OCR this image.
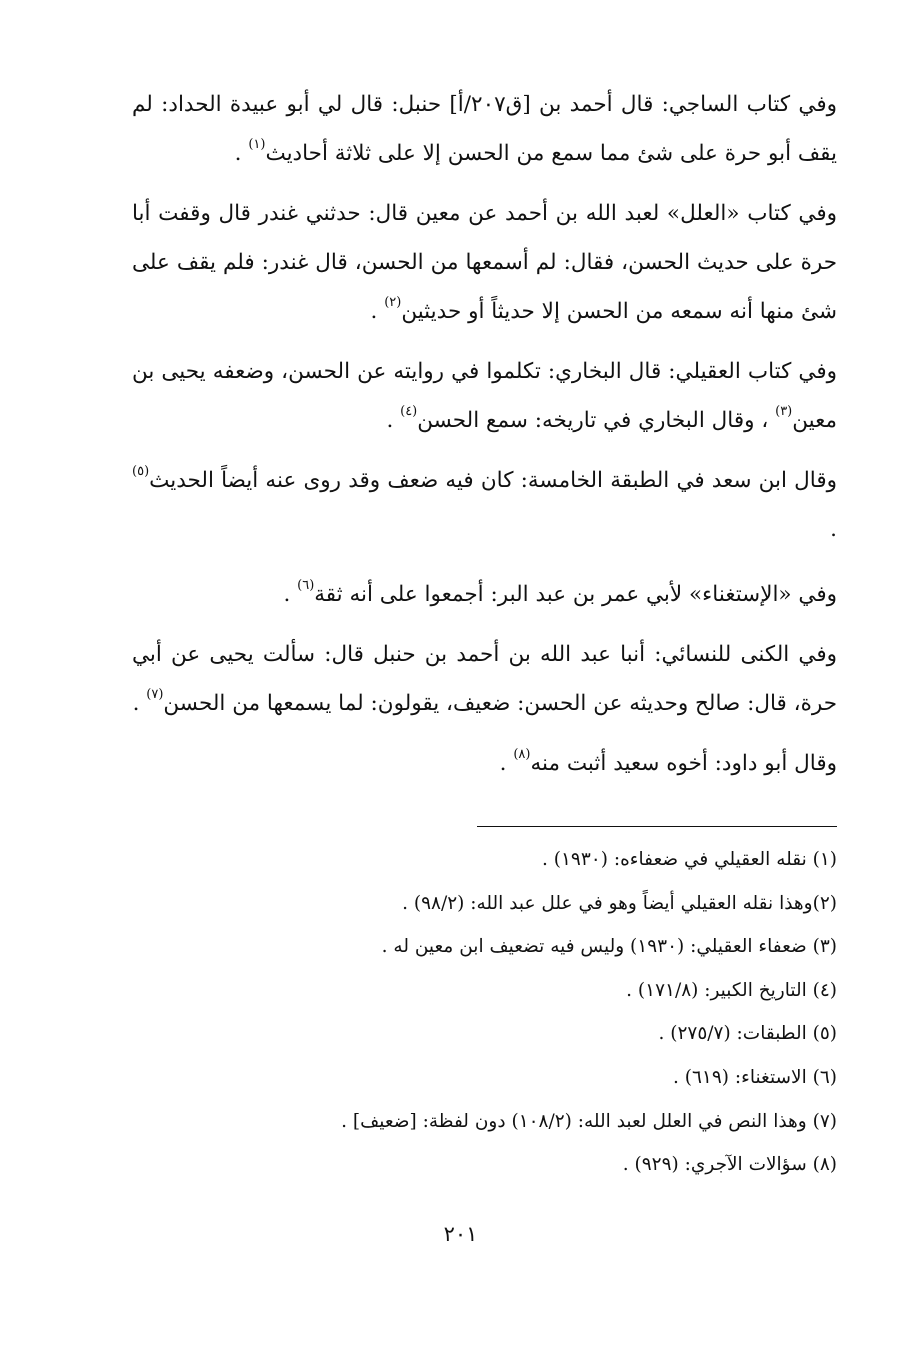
وفي كتاب الساجي: قال أحمد بن [ق٢٠٧/أ] حنبل: قال لي أبو عبيدة الحداد: لم يقف أبو حرة على شئ مما سمع من الحسن إلا على ثلاثة أحاديث$^{(١)}$ .

وفي كتاب «العلل» لعبد الله بن أحمد عن معين قال: حدثني غندر قال وقفت أبا حرة على حديث الحسن، فقال: لم أسمعها من الحسن، قال غندر: فلم يقف على شئ منها أنه سمعه من الحسن إلا حديثاً أو حديثين$^{(٢)}$ .

وفي كتاب العقيلي: قال البخاري: تكلموا في روايته عن الحسن، وضعفه يحيى بن معين$^{(٣)}$ ، وقال البخاري في تاريخه: سمع الحسن$^{(٤)}$ .

وقال ابن سعد في الطبقة الخامسة: كان فيه ضعف وقد روى عنه أيضاً الحديث$^{(٥)}$ .

وفي «الإستغناء» لأبي عمر بن عبد البر: أجمعوا على أنه ثقة$^{(٦)}$ .

وفي الكنى للنسائي: أنبا عبد الله بن أحمد بن حنبل قال: سألت يحيى عن أبي حرة، قال: صالح وحديثه عن الحسن: ضعيف، يقولون: لما يسمعها من الحسن$^{(٧)}$ .

وقال أبو داود: أخوه سعيد أثبت منه$^{(٨)}$ .

(١) نقله العقيلي في ضعفاءه: (١٩٣٠) .
(٢)وهذا نقله العقيلي أيضاً وهو في علل عبد الله: (٩٨/٢) .
(٣) ضعفاء العقيلي: (١٩٣٠) وليس فيه تضعيف ابن معين له .
(٤) التاريخ الكبير: (١٧١/٨) .
(٥) الطبقات: (٢٧٥/٧) .
(٦) الاستغناء: (٦١٩) .
(٧) وهذا النص في العلل لعبد الله: (١٠٨/٢) دون لفظة: [ضعيف] .
(٨) سؤالات الآجري: (٩٢٩) .
٢٠١
